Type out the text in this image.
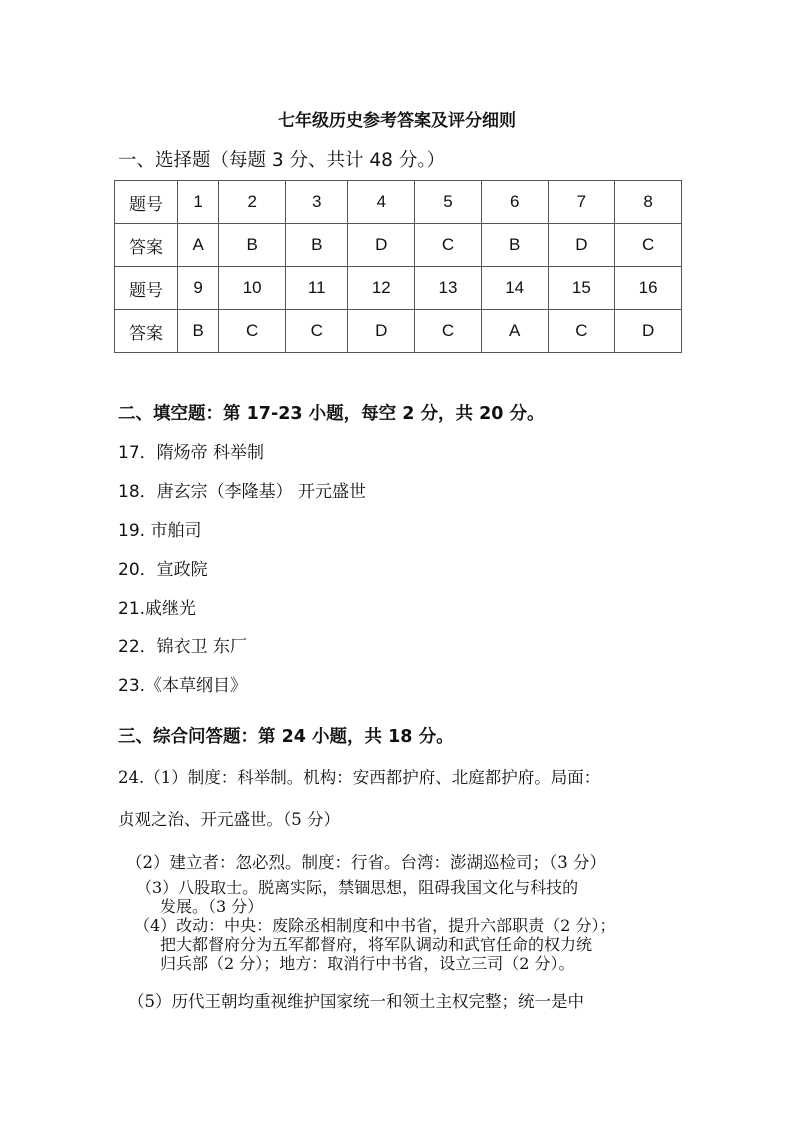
七年级历史参考答案及评分细则
一、选择题（每题 3 分、共计 48 分。）
题号	1	2	3	4	5	6	7	8
答案	A	B	B	D	C	B	D	C
题号	9	10	11	12	13	14	15	16
答案	B	C	C	D	C	A	C	D
二、填空题：第 17-23 小题，每空 2 分，共 20 分。
17．隋炀帝 科举制
18．唐玄宗（李隆基） 开元盛世
19. 市舶司
20．宣政院
21.戚继光
22．锦衣卫 东厂
23.《本草纲目》
三、综合问答题：第 24 小题，共 18 分。
24.（1）制度：科举制。机构：安西都护府、北庭都护府。局面：
贞观之治、开元盛世。（5 分）
（2）建立者：忽必烈。制度：行省。台湾：澎湖巡检司；（3 分）
（3）八股取士。脱离实际，禁锢思想，阻碍我国文化与科技的
发展。（3 分）
（4）改动：中央：废除丞相制度和中书省，提升六部职责（2 分）；
把大都督府分为五军都督府，将军队调动和武官任命的权力统
归兵部（2 分）；地方：取消行中书省，设立三司（2 分）。
（5）历代王朝均重视维护国家统一和领土主权完整；统一是中
